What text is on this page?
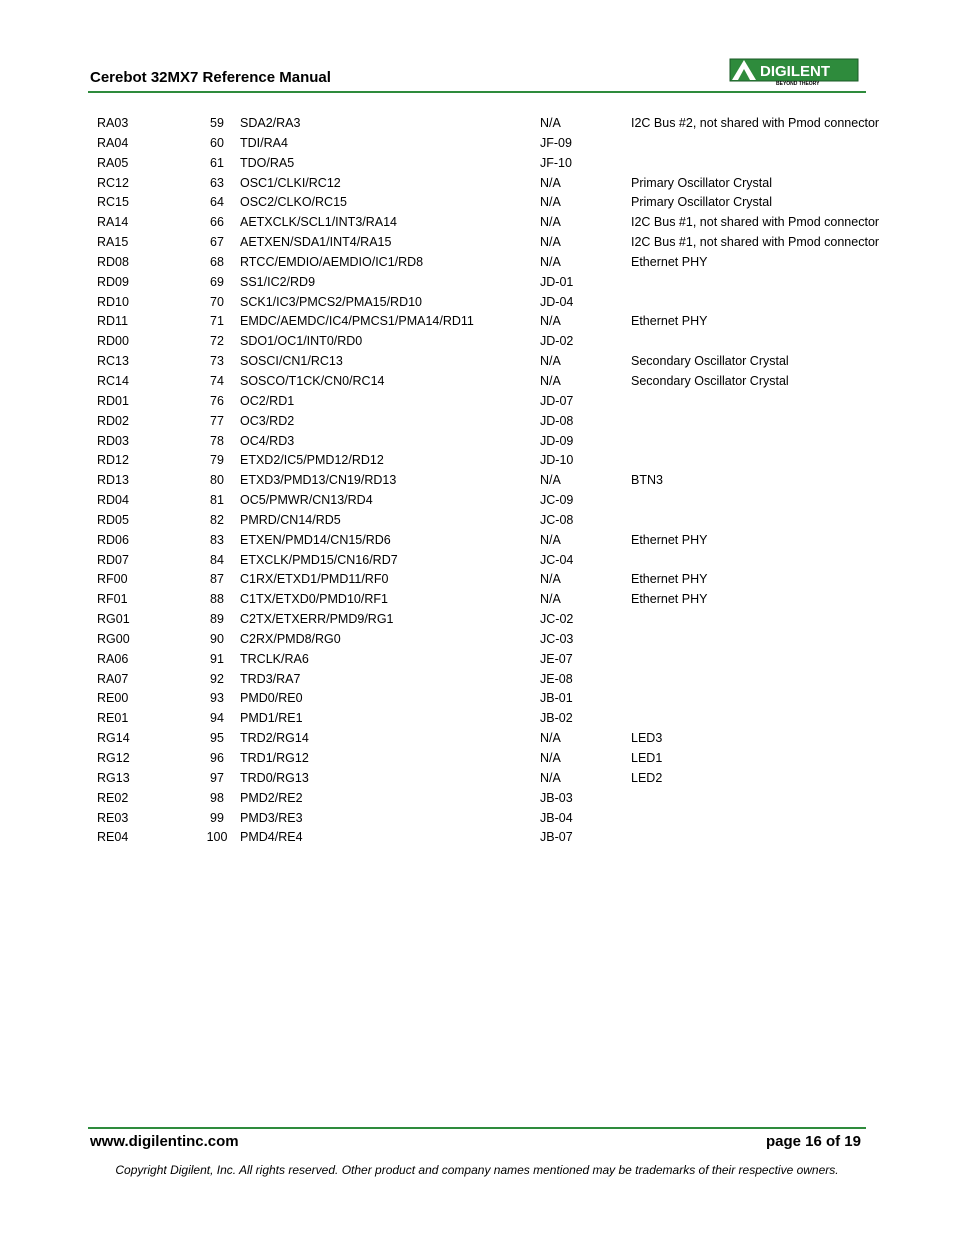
Cerebot 32MX7 Reference Manual	DIGILENT
BEYOND THEORY
RA03	59	SDA2/RA3	N/A	I2C Bus #2, not shared with Pmod connector
RA04	60	TDI/RA4	JF-09	
RA05	61	TDO/RA5	JF-10	
RC12	63	OSC1/CLKI/RC12	N/A	Primary Oscillator Crystal
RC15	64	OSC2/CLKO/RC15	N/A	Primary Oscillator Crystal
RA14	66	AETXCLK/SCL1/INT3/RA14	N/A	I2C Bus #1, not shared with Pmod connector
RA15	67	AETXEN/SDA1/INT4/RA15	N/A	I2C Bus #1, not shared with Pmod connector
RD08	68	RTCC/EMDIO/AEMDIO/IC1/RD8	N/A	Ethernet PHY
RD09	69	SS1/IC2/RD9	JD-01	
RD10	70	SCK1/IC3/PMCS2/PMA15/RD10	JD-04	
RD11	71	EMDC/AEMDC/IC4/PMCS1/PMA14/RD11	N/A	Ethernet PHY
RD00	72	SDO1/OC1/INT0/RD0	JD-02	
RC13	73	SOSCI/CN1/RC13	N/A	Secondary Oscillator Crystal
RC14	74	SOSCO/T1CK/CN0/RC14	N/A	Secondary Oscillator Crystal
RD01	76	OC2/RD1	JD-07	
RD02	77	OC3/RD2	JD-08	
RD03	78	OC4/RD3	JD-09	
RD12	79	ETXD2/IC5/PMD12/RD12	JD-10	
RD13	80	ETXD3/PMD13/CN19/RD13	N/A	BTN3
RD04	81	OC5/PMWR/CN13/RD4	JC-09	
RD05	82	PMRD/CN14/RD5	JC-08	
RD06	83	ETXEN/PMD14/CN15/RD6	N/A	Ethernet PHY
RD07	84	ETXCLK/PMD15/CN16/RD7	JC-04	
RF00	87	C1RX/ETXD1/PMD11/RF0	N/A	Ethernet PHY
RF01	88	C1TX/ETXD0/PMD10/RF1	N/A	Ethernet PHY
RG01	89	C2TX/ETXERR/PMD9/RG1	JC-02	
RG00	90	C2RX/PMD8/RG0	JC-03	
RA06	91	TRCLK/RA6	JE-07	
RA07	92	TRD3/RA7	JE-08	
RE00	93	PMD0/RE0	JB-01	
RE01	94	PMD1/RE1	JB-02	
RG14	95	TRD2/RG14	N/A	LED3
RG12	96	TRD1/RG12	N/A	LED1
RG13	97	TRD0/RG13	N/A	LED2
RE02	98	PMD2/RE2	JB-03	
RE03	99	PMD3/RE3	JB-04	
RE04	100	PMD4/RE4	JB-07	
www.digilentinc.com	page 16 of 19
Copyright Digilent, Inc. All rights reserved. Other product and company names mentioned may be trademarks of their respective owners.
